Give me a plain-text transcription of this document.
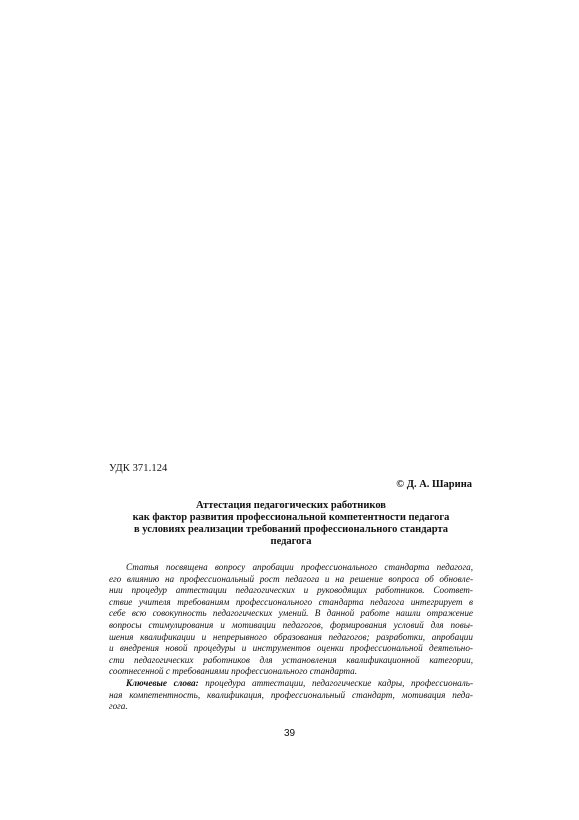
УДК 371.124
© Д. А. Шарина
Аттестация педагогических работников
как фактор развития профессиональной компетентности педагога
в условиях реализации требований профессионального стандарта
педагога
Статья посвящена вопросу апробации профессионального стандарта педагога,
его влиянию на профессиональный рост педагога и на решение вопроса об обновле-
нии процедур аттестации педагогических и руководящих работников. Соответ-
ствие учителя требованиям профессионального стандарта педагога интегрирует в
себе всю совокупность педагогических умений. В данной работе нашли отражение
вопросы стимулирования и мотивации педагогов, формирования условий для повы-
шения квалификации и непрерывного образования педагогов; разработки, апробации
и внедрения новой процедуры и инструментов оценки профессиональной деятельно-
сти педагогических работников для установления квалификационной категории,
соотнесенной с требованиями профессионального стандарта.
Ключевые слова: процедура аттестации, педагогические кадры, профессиональ-
ная компетентность, квалификация, профессиональный стандарт, мотивация педа-
гога.
39
